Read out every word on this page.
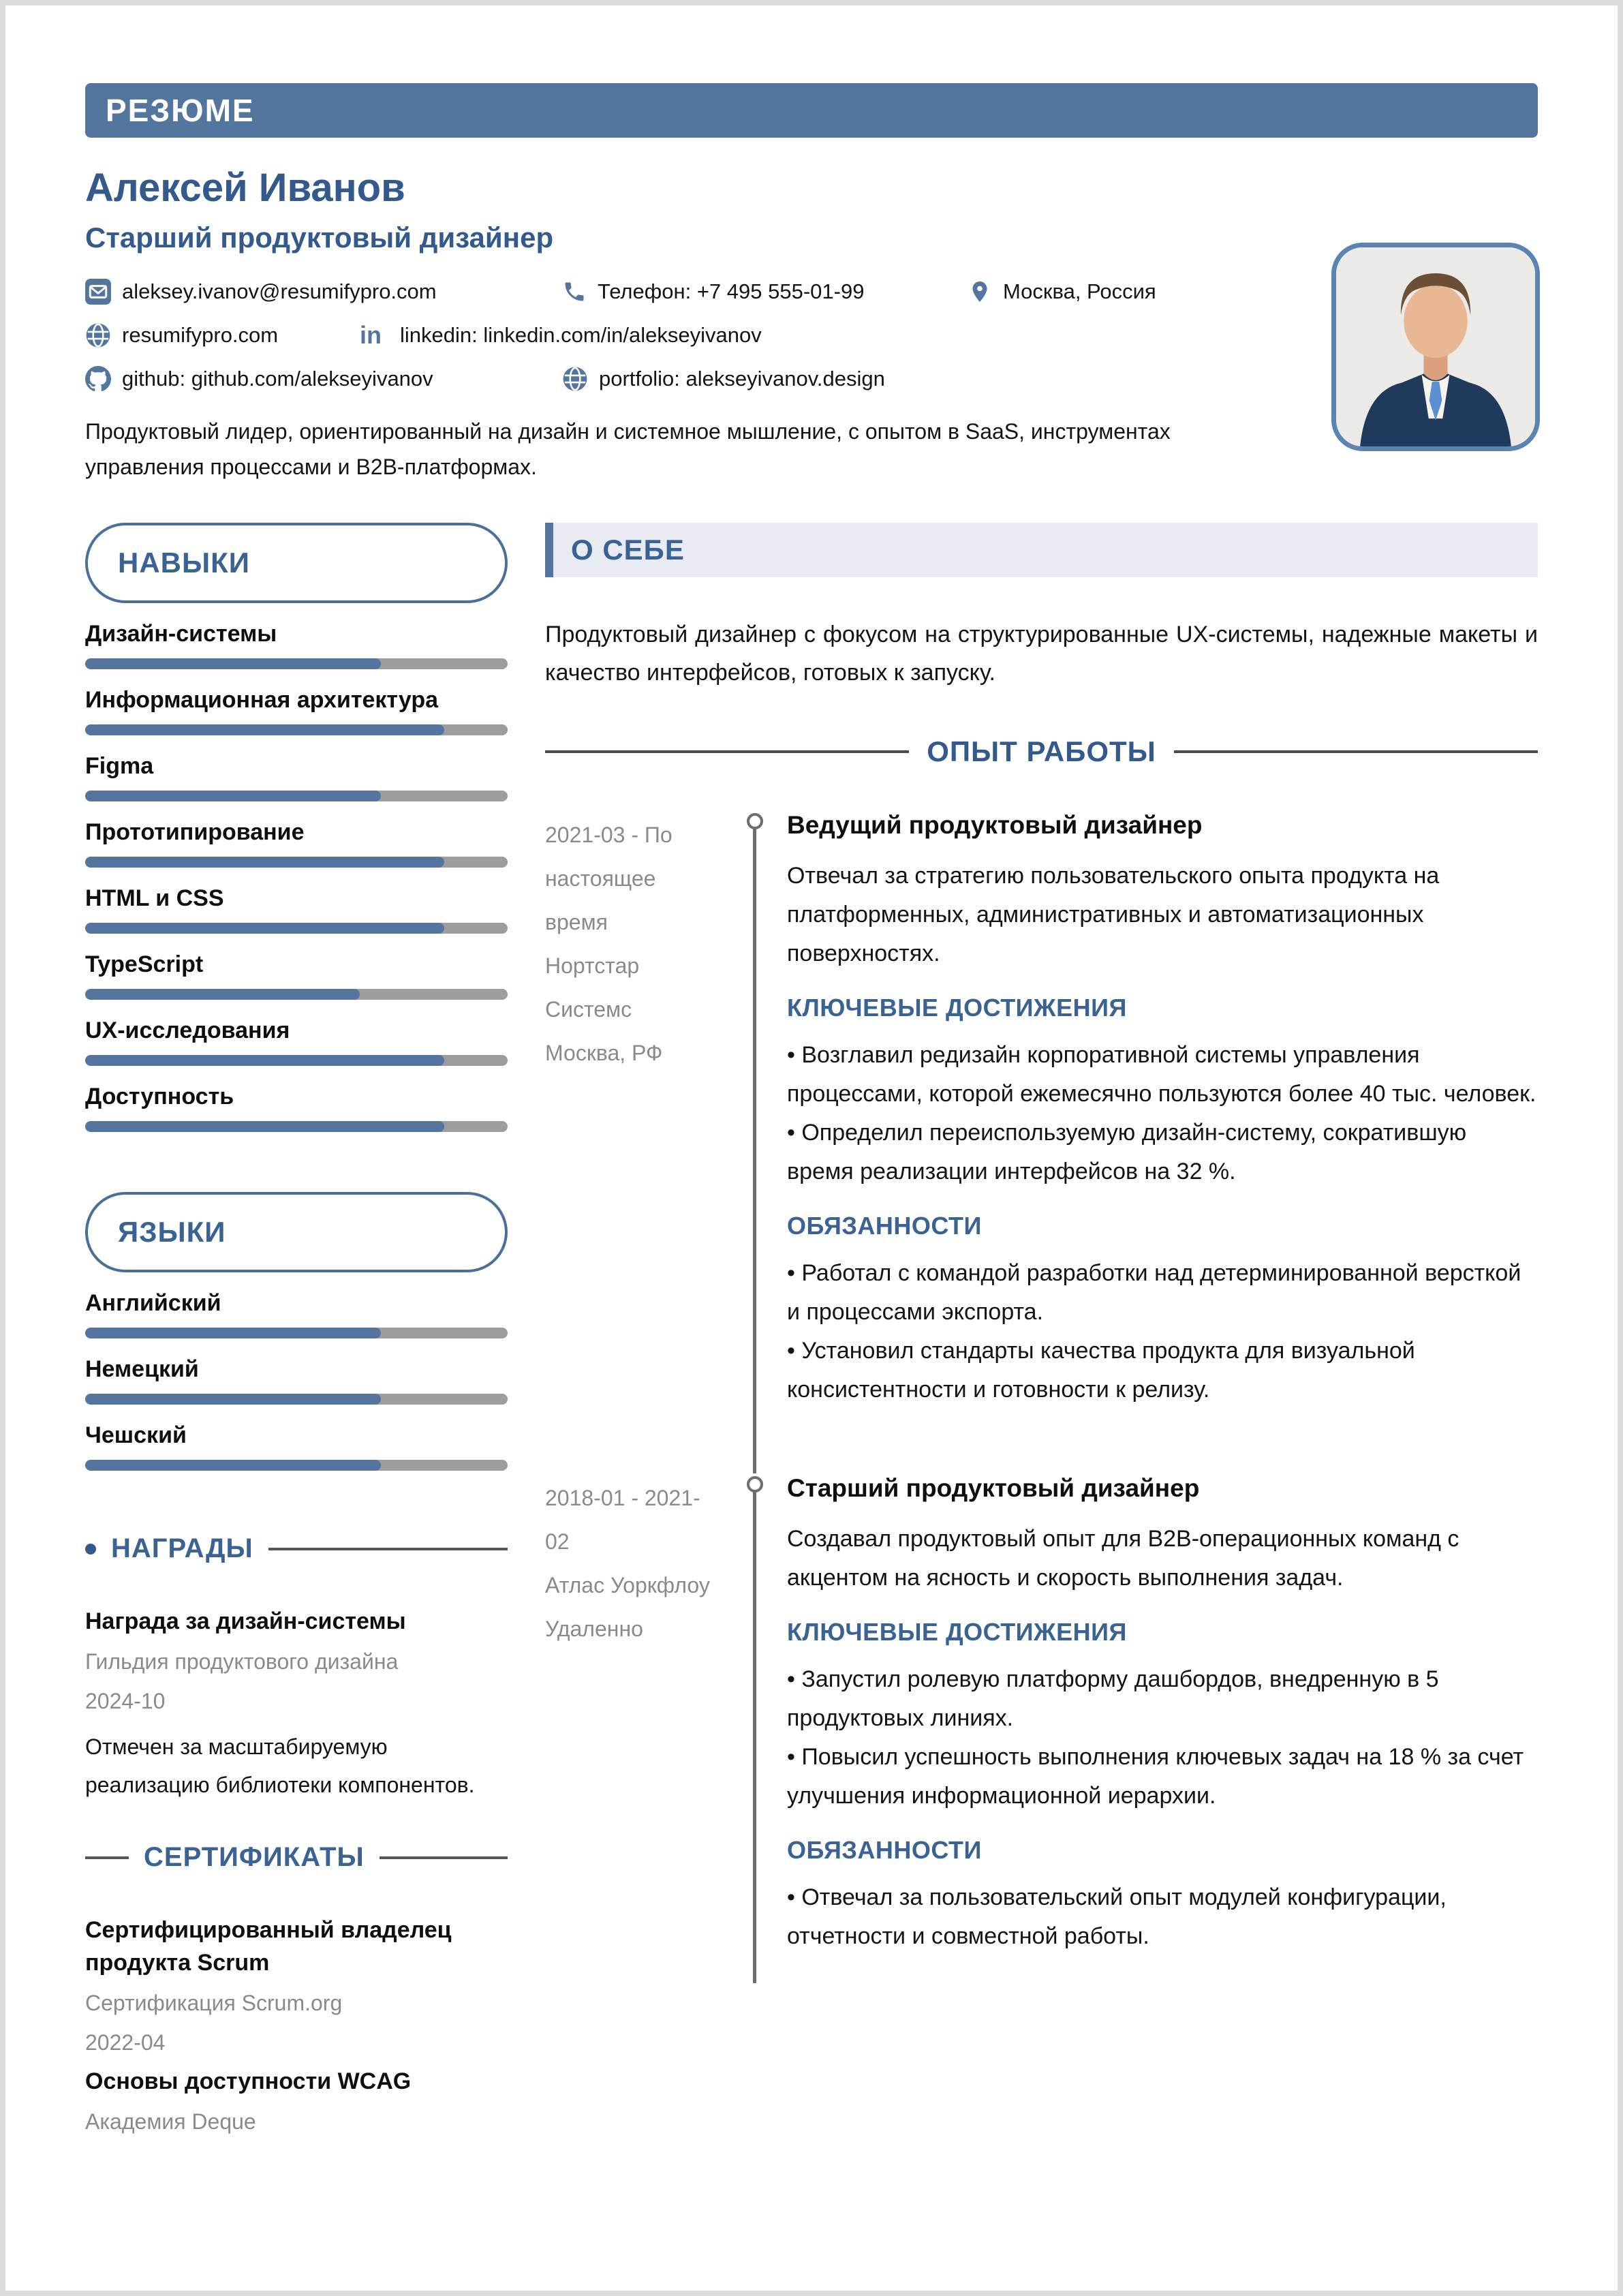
РЕЗЮМЕ
Алексей Иванов
Старший продуктовый дизайнер
aleksey.ivanov@resumifypro.com	Телефон: +7 495 555-01-99	Москва, Россия
resumifypro.com	in linkedin: linkedin.com/in/alekseyivanov
github: github.com/alekseyivanov	portfolio: alekseyivanov.design

Продуктовый лидер, ориентированный на дизайн и системное мышление, с опытом в SaaS, инструментах управления процессами и B2B-платформах.

НАВЫКИ
Дизайн-системы
Информационная архитектура
Figma
Прототипирование
HTML и CSS
TypeScript
UX-исследования
Доступность
ЯЗЫКИ
Английский
Немецкий
Чешский
НАГРАДЫ
Награда за дизайн-системы
Гильдия продуктового дизайна
2024-10
Отмечен за масштабируемую реализацию библиотеки компонентов.
СЕРТИФИКАТЫ
Сертифицированный владелец продукта Scrum
Сертификация Scrum.org
2022-04
Основы доступности WCAG
Академия Deque
О СЕБЕ

Продуктовый дизайнер с фокусом на структурированные UX-системы, надежные макеты и качество интерфейсов, готовых к запуску.

ОПЫТ РАБОТЫ
2021-03 - По настоящее время
Нортстар Системс
Москва, РФ
Ведущий продуктовый дизайнер

Отвечал за стратегию пользовательского опыта продукта на платформенных, административных и автоматизационных поверхностях.

КЛЮЧЕВЫЕ ДОСТИЖЕНИЯ

• Возглавил редизайн корпоративной системы управления процессами, которой ежемесячно пользуются более 40 тыс. человек.

• Определил переиспользуемую дизайн-систему, сократившую время реализации интерфейсов на 32 %.

ОБЯЗАННОСТИ

• Работал с командой разработки над детерминированной версткой и процессами экспорта.

• Установил стандарты качества продукта для визуальной консистентности и готовности к релизу.

2018-01 - 2021-02
Атлас Уоркфлоу
Удаленно
Старший продуктовый дизайнер

Создавал продуктовый опыт для B2B-операционных команд с акцентом на ясность и скорость выполнения задач.

КЛЮЧЕВЫЕ ДОСТИЖЕНИЯ

• Запустил ролевую платформу дашбордов, внедренную в 5 продуктовых линиях.

• Повысил успешность выполнения ключевых задач на 18 % за счет улучшения информационной иерархии.

ОБЯЗАННОСТИ

• Отвечал за пользовательский опыт модулей конфигурации, отчетности и совместной работы.
